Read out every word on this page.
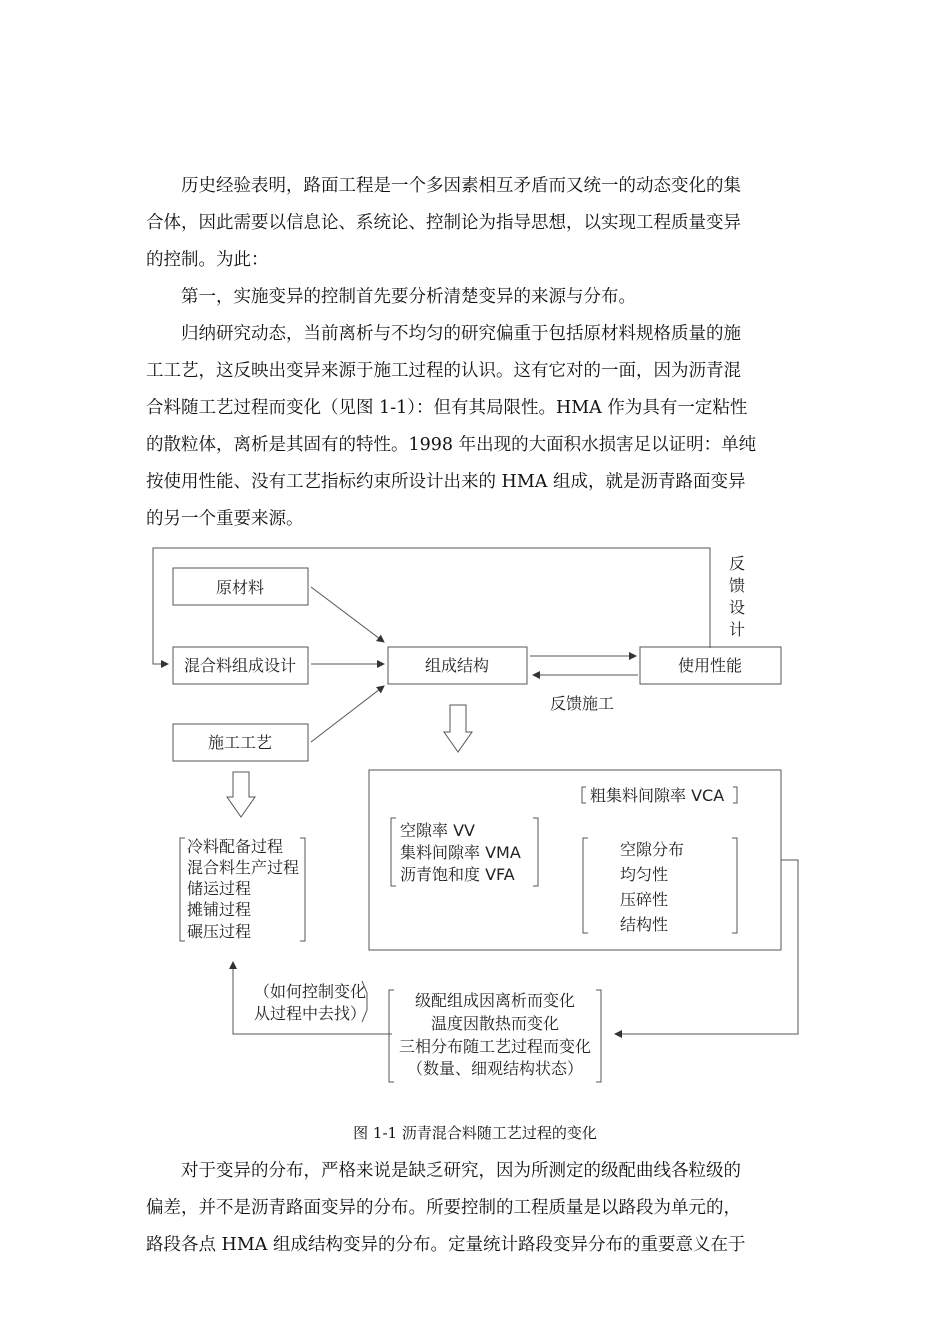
历史经验表明，路面工程是一个多因素相互矛盾而又统一的动态变化的集
合体，因此需要以信息论、系统论、控制论为指导思想，以实现工程质量变异
的控制。为此：
第一，实施变异的控制首先要分析清楚变异的来源与分布。
归纳研究动态，当前离析与不均匀的研究偏重于包括原材料规格质量的施
工工艺，这反映出变异来源于施工过程的认识。这有它对的一面，因为沥青混
合料随工艺过程而变化（见图 1-1）：但有其局限性。HMA 作为具有一定粘性
的散粒体，离析是其固有的特性。1998 年出现的大面积水损害足以证明：单纯
按使用性能、没有工艺指标约束所设计出来的 HMA 组成，就是沥青路面变异
的另一个重要来源。
原材料
混合料组成设计
施工工艺
组成结构	使用性能
反
馈
设
计
反馈施工
冷料配备过程
混合料生产过程
储运过程
摊铺过程
碾压过程
粗集料间隙率 VCA
空隙率 VV
集料间隙率 VMA
沥青饱和度 VFA
空隙分布
均匀性
压碎性
结构性
级配组成因离析而变化
温度因散热而变化
三相分布随工艺过程而变化
（数量、细观结构状态）
（如何控制变化
从过程中去找）
图 1-1 沥青混合料随工艺过程的变化
对于变异的分布，严格来说是缺乏研究，因为所测定的级配曲线各粒级的
偏差，并不是沥青路面变异的分布。所要控制的工程质量是以路段为单元的，
路段各点 HMA 组成结构变异的分布。定量统计路段变异分布的重要意义在于
